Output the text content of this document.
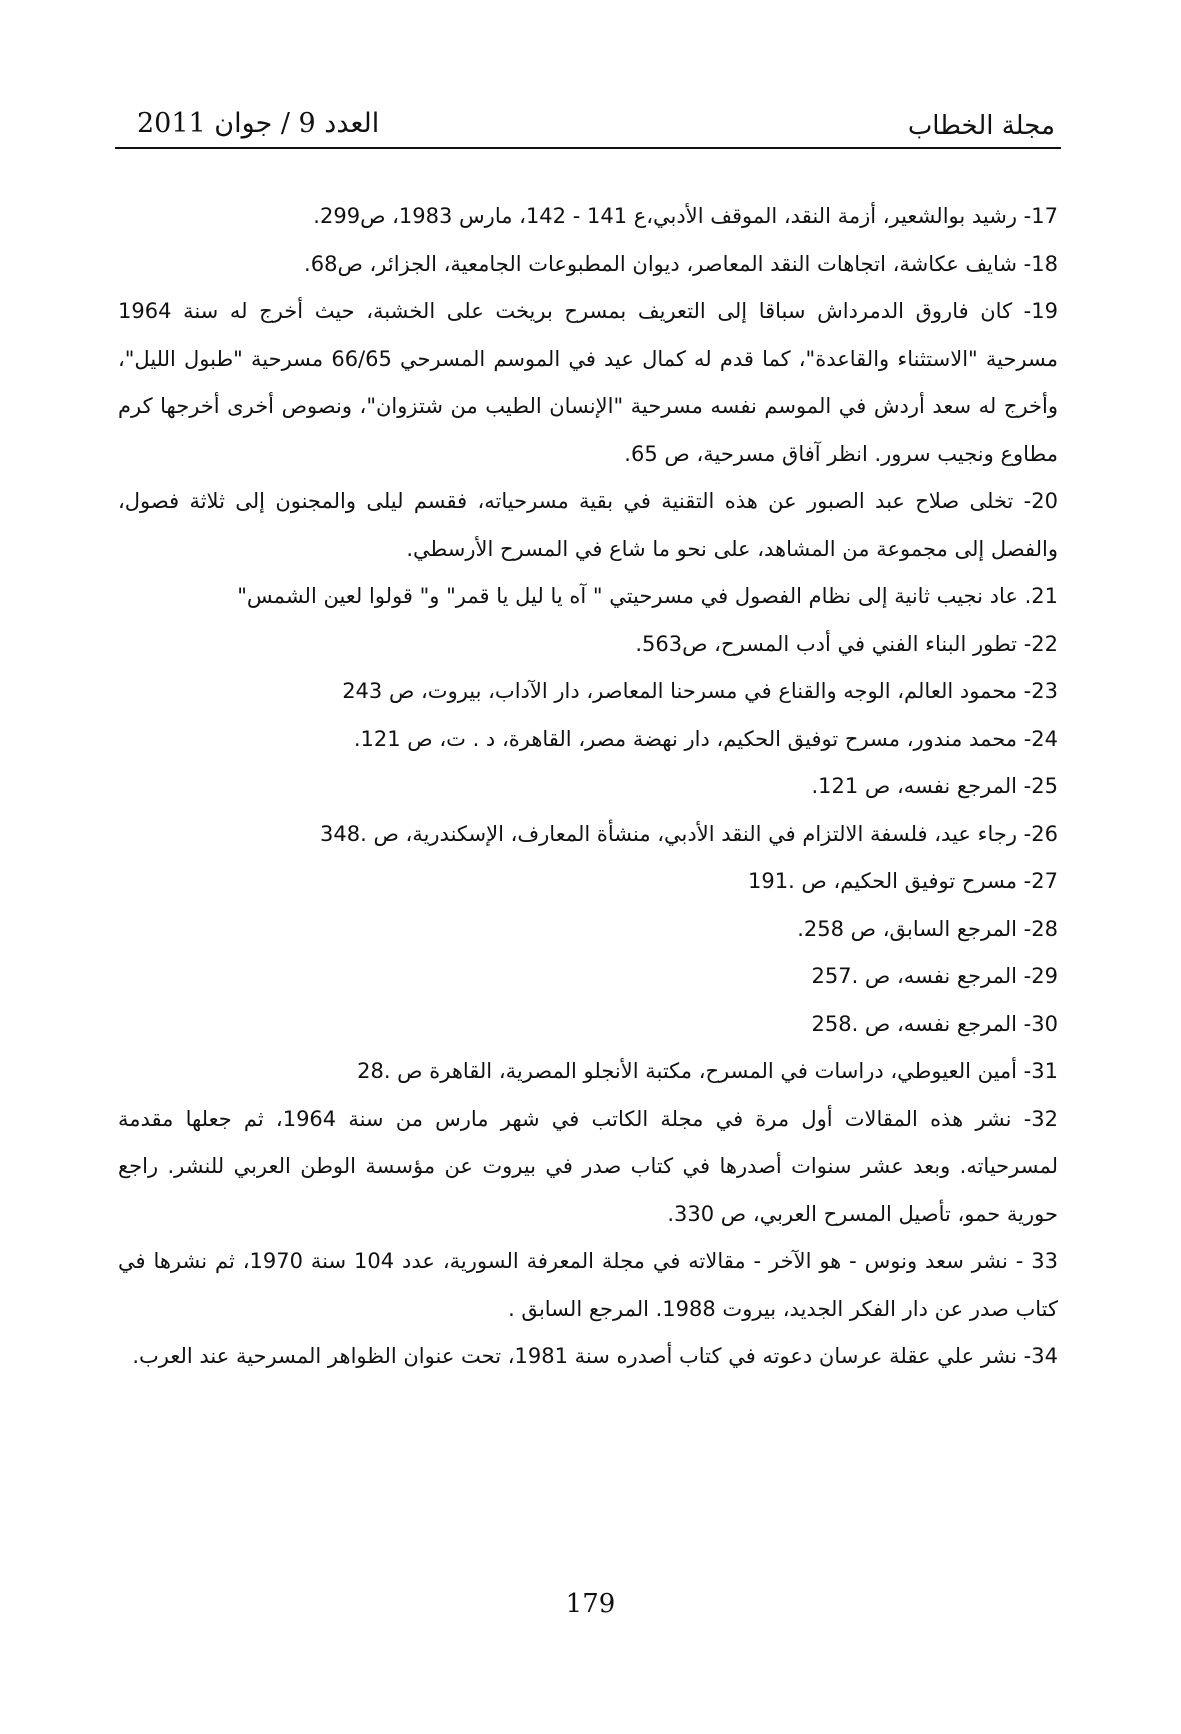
مجلة الخطاب
العدد 9 / جوان 2011
17- رشيد بوالشعير، أزمة النقد، الموقف الأدبي،ع 141 - 142، مارس 1983، ص299.
18- شايف عكاشة، اتجاهات النقد المعاصر، ديوان المطبوعات الجامعية، الجزائر، ص68.
19- كان فاروق الدمرداش سباقا إلى التعريف بمسرح بريخت على الخشبة، حيث أخرج له سنة 1964 مسرحية "الاستثناء والقاعدة"، كما قدم له كمال عيد في الموسم المسرحي 66/65 مسرحية "طبول الليل"، وأخرج له سعد أردش في الموسم نفسه مسرحية "الإنسان الطيب من شتزوان"، ونصوص أخرى أخرجها كرم مطاوع ونجيب سرور. انظر آفاق مسرحية، ص 65.
20- تخلى صلاح عبد الصبور عن هذه التقنية في بقية مسرحياته، فقسم ليلى والمجنون إلى ثلاثة فصول، والفصل إلى مجموعة من المشاهد، على نحو ما شاع في المسرح الأرسطي.
21. عاد نجيب ثانية إلى نظام الفصول في مسرحيتي " آه يا ليل يا قمر" و" قولوا لعين الشمس"
22- تطور البناء الفني في أدب المسرح، ص563.
23- محمود العالم، الوجه والقناع في مسرحنا المعاصر، دار الآداب، بيروت، ص 243
24- محمد مندور، مسرح توفيق الحكيم، دار نهضة مصر، القاهرة، د . ت، ص 121.
25- المرجع نفسه، ص 121.
26- رجاء عيد، فلسفة الالتزام في النقد الأدبي، منشأة المعارف، الإسكندرية، ص .348
27- مسرح توفيق الحكيم، ص .191
28- المرجع السابق، ص 258.
29- المرجع نفسه، ص .257
30- المرجع نفسه، ص .258
31- أمين العيوطي، دراسات في المسرح، مكتبة الأنجلو المصرية، القاهرة ص .28
32- نشر هذه المقالات أول مرة في مجلة الكاتب في شهر مارس من سنة 1964، ثم جعلها مقدمة لمسرحياته. وبعد عشر سنوات أصدرها في كتاب صدر في بيروت عن مؤسسة الوطن العربي للنشر. راجع حورية حمو، تأصيل المسرح العربي، ص 330.
33 - نشر سعد ونوس - هو الآخر - مقالاته في مجلة المعرفة السورية، عدد 104 سنة 1970، ثم نشرها في كتاب صدر عن دار الفكر الجديد، بيروت 1988. المرجع السابق .
34- نشر علي عقلة عرسان دعوته في كتاب أصدره سنة 1981، تحت عنوان الظواهر المسرحية عند العرب.
179
